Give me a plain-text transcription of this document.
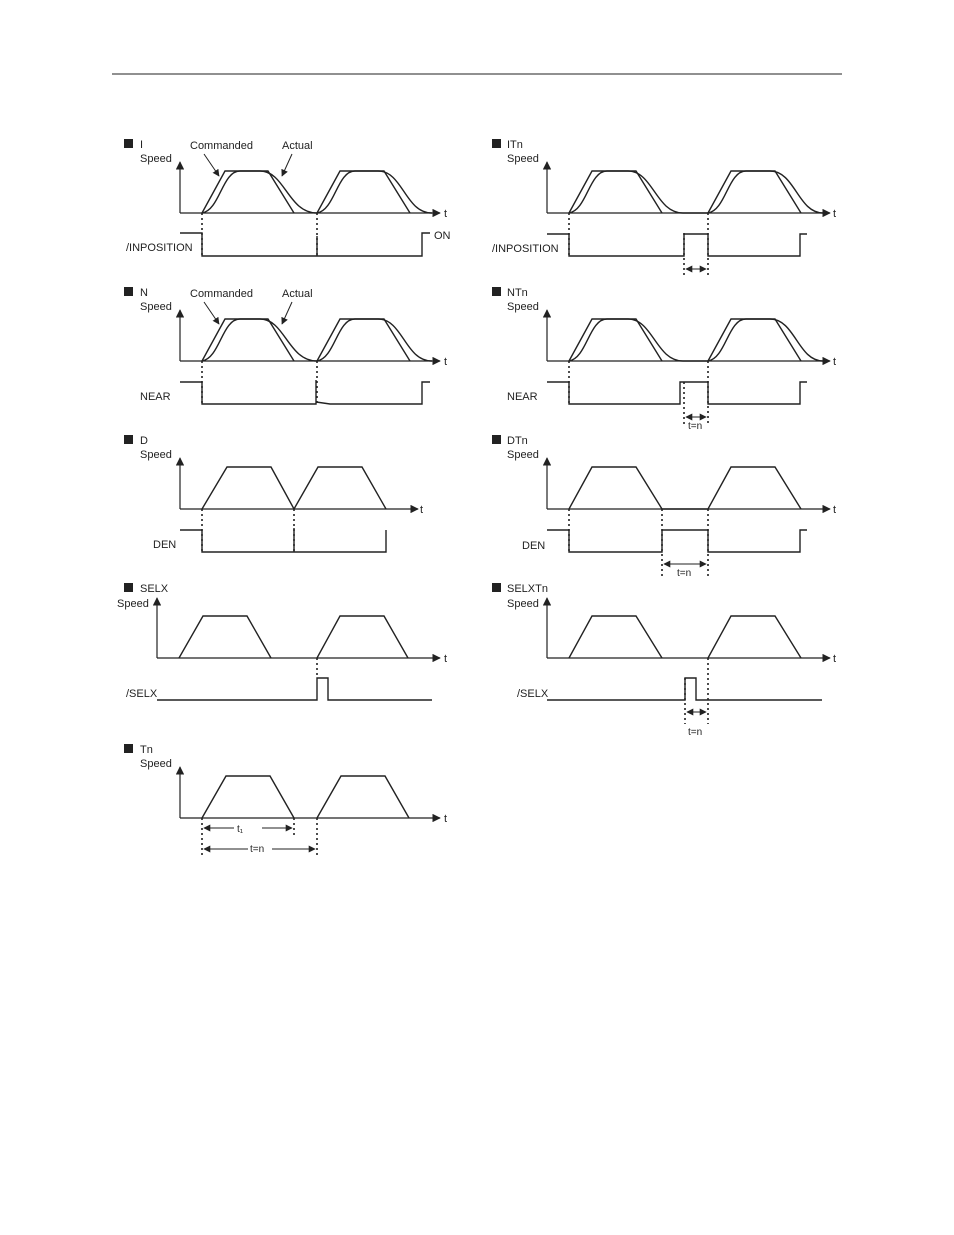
I
Speed
Commanded	Actual
t
/INPOSITION
ON
ITn
Speed
t
/INPOSITION
N
Speed
Commanded	Actual
t
NEAR
NTn
Speed
t
NEAR
t=n
D
Speed
t
DEN
DTn
Speed
t
DEN
t=n
SELX
Speed
t
/SELX
SELXTn
Speed
t
/SELX
t=n
Tn
Speed
t
t₁
t=n
